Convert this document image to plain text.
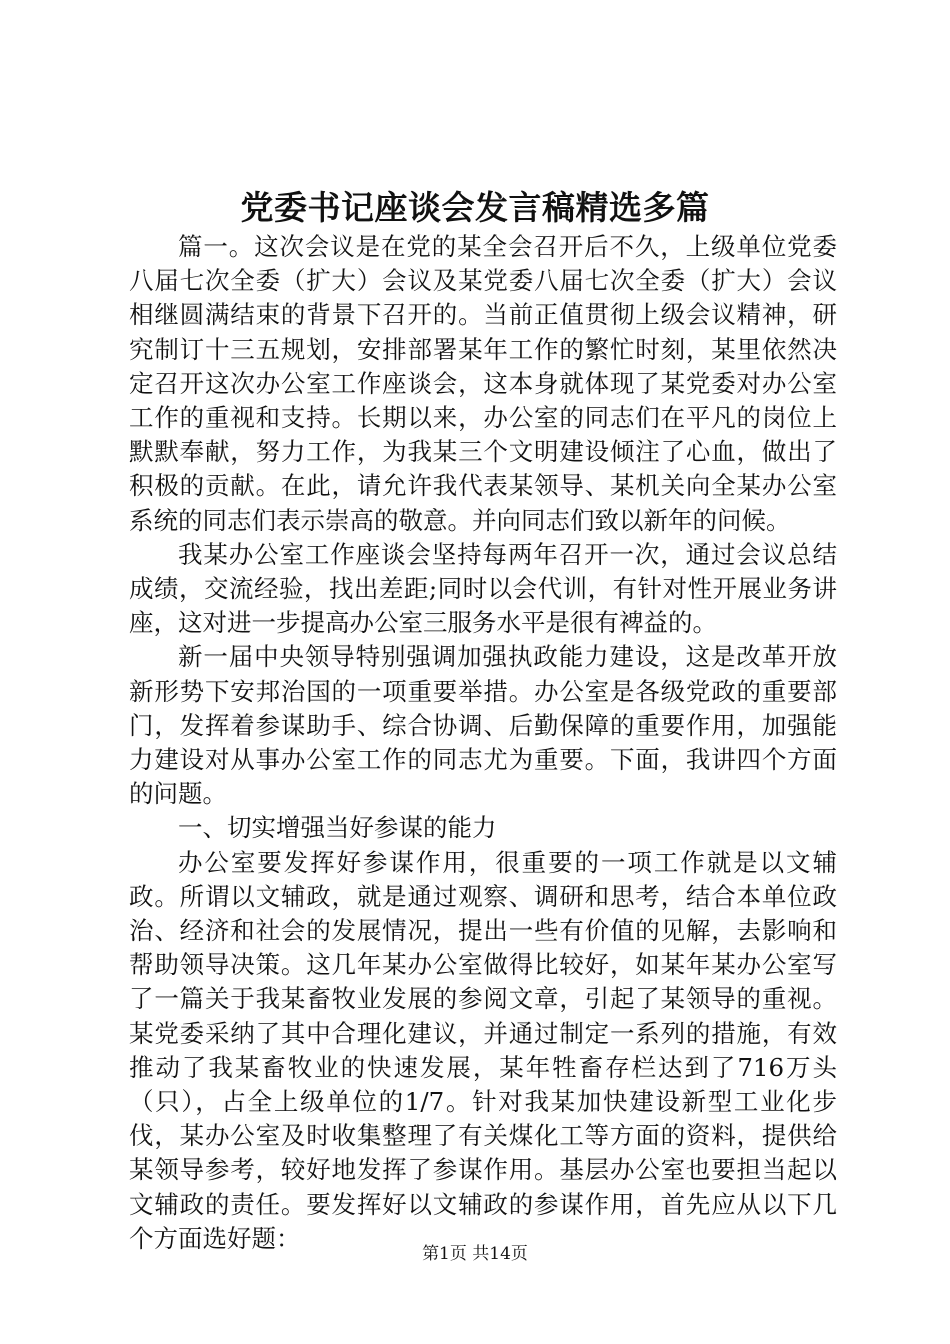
党委书记座谈会发言稿精选多篇

篇一。这次会议是在党的某全会召开后不久，上级单位党委八届七次全委（扩大）会议及某党委八届七次全委（扩大）会议相继圆满结束的背景下召开的。当前正值贯彻上级会议精神，研究制订十三五规划，安排部署某年工作的繁忙时刻，某里依然决定召开这次办公室工作座谈会，这本身就体现了某党委对办公室工作的重视和支持。长期以来，办公室的同志们在平凡的岗位上默默奉献，努力工作，为我某三个文明建设倾注了心血，做出了积极的贡献。在此，请允许我代表某领导、某机关向全某办公室系统的同志们表示崇高的敬意。并向同志们致以新年的问候。

我某办公室工作座谈会坚持每两年召开一次，通过会议总结成绩，交流经验，找出差距;同时以会代训，有针对性开展业务讲座，这对进一步提高办公室三服务水平是很有裨益的。

新一届中央领导特别强调加强执政能力建设，这是改革开放新形势下安邦治国的一项重要举措。办公室是各级党政的重要部门，发挥着参谋助手、综合协调、后勤保障的重要作用，加强能力建设对从事办公室工作的同志尤为重要。下面，我讲四个方面的问题。

一、切实增强当好参谋的能力

办公室要发挥好参谋作用，很重要的一项工作就是以文辅政。所谓以文辅政，就是通过观察、调研和思考，结合本单位政治、经济和社会的发展情况，提出一些有价值的见解，去影响和帮助领导决策。这几年某办公室做得比较好，如某年某办公室写了一篇关于我某畜牧业发展的参阅文章，引起了某领导的重视。某党委采纳了其中合理化建议，并通过制定一系列的措施，有效推动了我某畜牧业的快速发展，某年牲畜存栏达到了716万头（只），占全上级单位的1/7。针对我某加快建设新型工业化步伐，某办公室及时收集整理了有关煤化工等方面的资料，提供给某领导参考，较好地发挥了参谋作用。基层办公室也要担当起以文辅政的责任。要发挥好以文辅政的参谋作用，首先应从以下几个方面选好题：

第1页 共14页
